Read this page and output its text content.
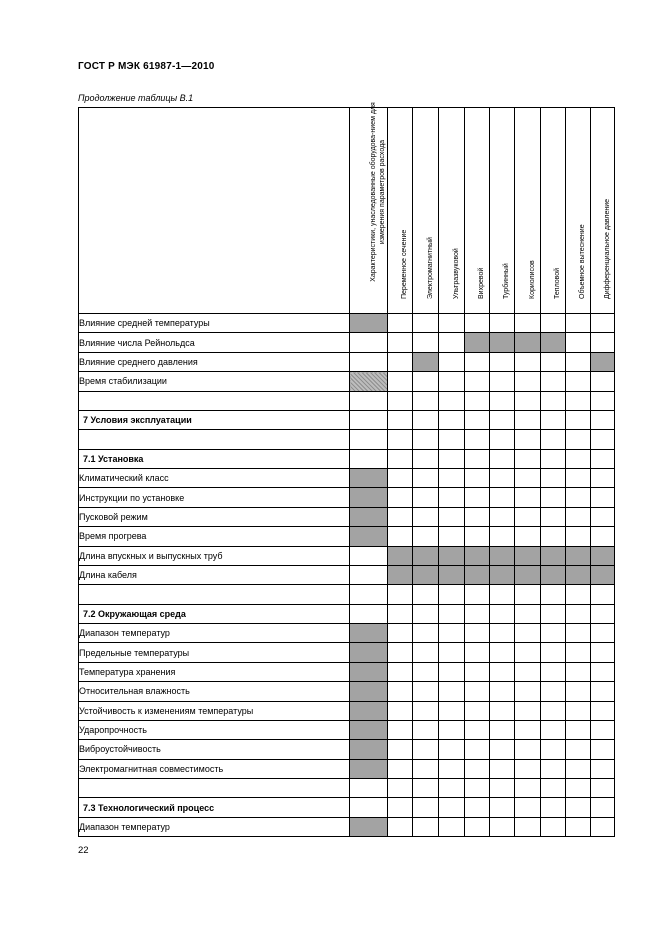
ГОСТ Р МЭК 61987-1—2010
Продолжение таблицы B.1

	Характеристики, унаследованные оборудова-нием для измерения параметров расхода	Переменное сечение	Электромагнитный	Ультразвуковой	Вихревой	Турбинный	Кориолисов	Тепловой	Объемное вытеснение	Дифференциальное давление

Влияние средней температуры										
Влияние числа Рейнольдса										
Влияние среднего давления										
Время стабилизации										

7 Условия эксплуатации										

7.1 Установка										
Климатический класс										
Инструкции по установке										
Пусковой режим										
Время прогрева										
Длина впускных и выпускных труб										
Длина кабеля										

7.2 Окружающая среда										
Диапазон температур										
Предельные температуры										
Температура хранения										
Относительная влажность										
Устойчивость к изменениям температуры										
Ударопрочность										
Виброустойчивость										
Электромагнитная совместимость										

7.3 Технологический процесс										
Диапазон температур										
22
